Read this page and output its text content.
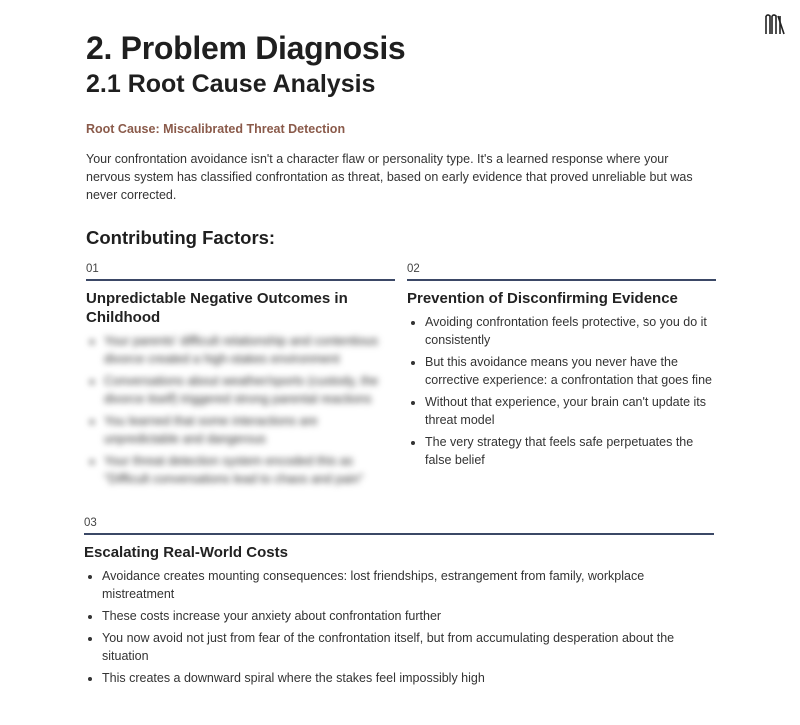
2. Problem Diagnosis
2.1 Root Cause Analysis
Root Cause: Miscalibrated Threat Detection

Your confrontation avoidance isn't a character flaw or personality type. It's a learned response where your nervous system has classified confrontation as threat, based on early evidence that proved unreliable but was never corrected.

Contributing Factors:
01
Unpredictable Negative Outcomes in Childhood
• Your parents' difficult relationship and contentious divorce created a high-stakes environment
• Conversations about weather/sports (custody, the divorce itself) triggered strong parental reactions
• You learned that some interactions are unpredictable and dangerous
• Your threat detection system encoded this as "Difficult conversations lead to chaos and pain"
02
Prevention of Disconfirming Evidence
• Avoiding confrontation feels protective, so you do it consistently
• But this avoidance means you never have the corrective experience: a confrontation that goes fine
• Without that experience, your brain can't update its threat model
• The very strategy that feels safe perpetuates the false belief
03
Escalating Real-World Costs
• Avoidance creates mounting consequences: lost friendships, estrangement from family, workplace mistreatment
• These costs increase your anxiety about confrontation further
• You now avoid not just from fear of the confrontation itself, but from accumulating desperation about the situation
• This creates a downward spiral where the stakes feel impossibly high
